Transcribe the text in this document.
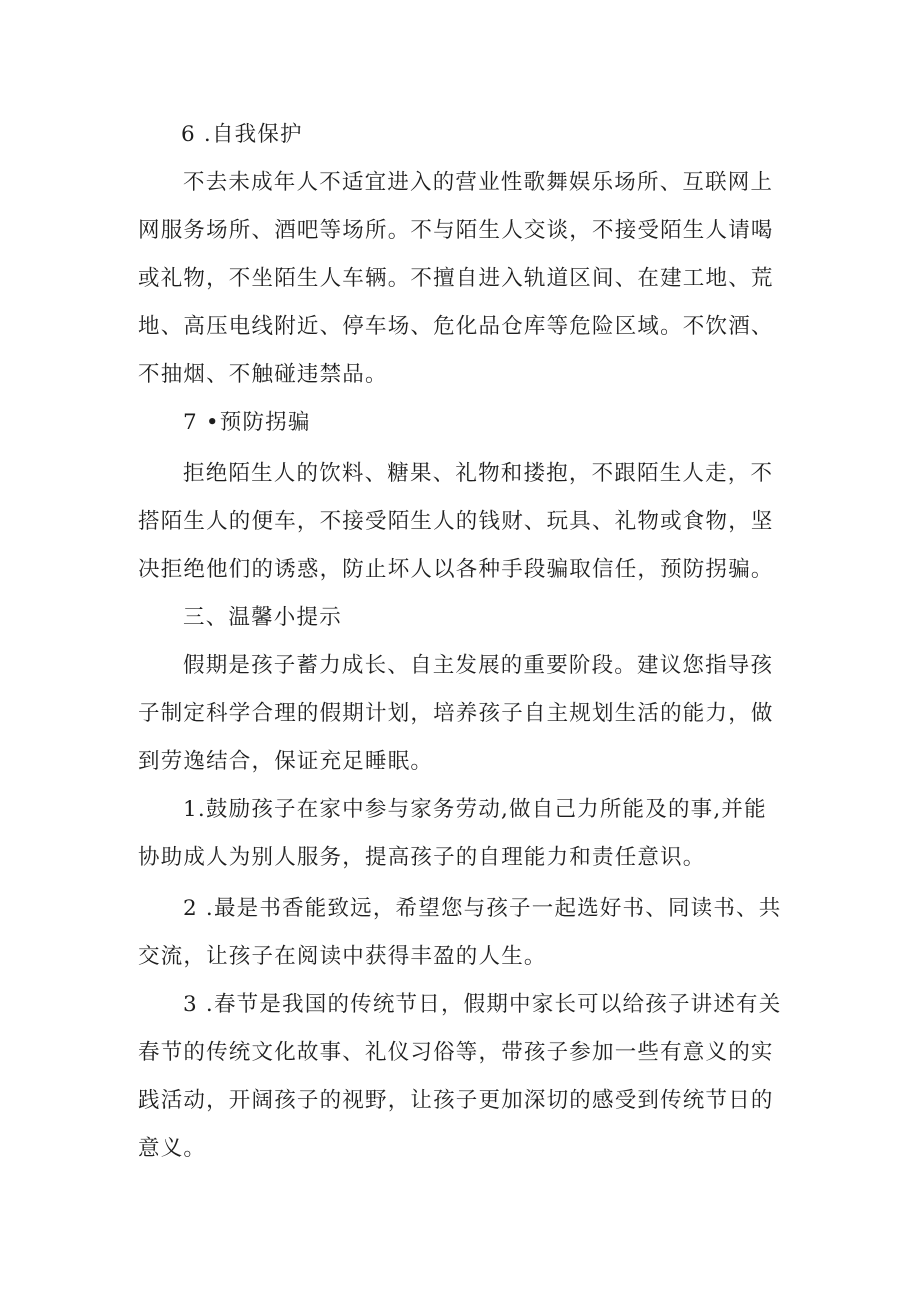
6 .自我保护

不去未成年人不适宜进入的营业性歌舞娱乐场所、互联网上

网服务场所、酒吧等场所。不与陌生人交谈，不接受陌生人请喝

或礼物，不坐陌生人车辆。不擅自进入轨道区间、在建工地、荒

地、高压电线附近、停车场、危化品仓库等危险区域。不饮酒、

不抽烟、不触碰违禁品。

7 •预防拐骗

拒绝陌生人的饮料、糖果、礼物和搂抱，不跟陌生人走，不

搭陌生人的便车，不接受陌生人的钱财、玩具、礼物或食物，坚

决拒绝他们的诱惑，防止坏人以各种手段骗取信任，预防拐骗。

三、温馨小提示

假期是孩子蓄力成长、自主发展的重要阶段。建议您指导孩

子制定科学合理的假期计划，培养孩子自主规划生活的能力，做

到劳逸结合，保证充足睡眠。

1.鼓励孩子在家中参与家务劳动,做自己力所能及的事,并能

协助成人为别人服务，提高孩子的自理能力和责任意识。

2 .最是书香能致远，希望您与孩子一起选好书、同读书、共

交流，让孩子在阅读中获得丰盈的人生。

3 .春节是我国的传统节日，假期中家长可以给孩子讲述有关

春节的传统文化故事、礼仪习俗等，带孩子参加一些有意义的实

践活动，开阔孩子的视野，让孩子更加深切的感受到传统节日的

意义。
